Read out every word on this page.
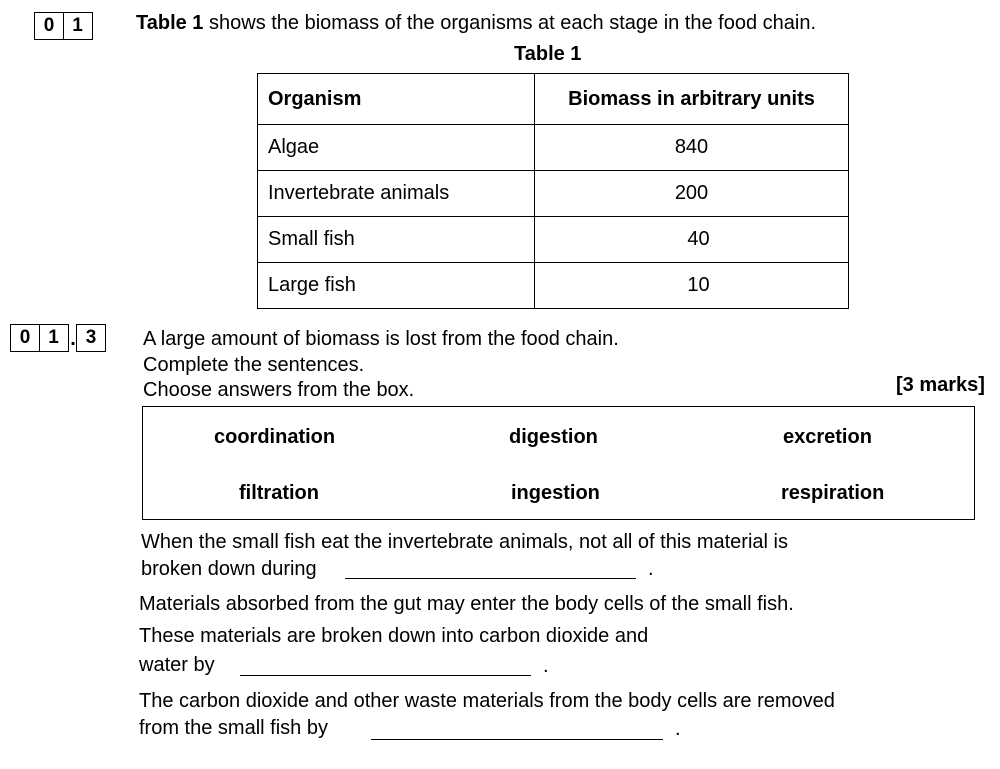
0 1	Table 1 shows the biomass of the organisms at each stage in the food chain.
Table 1
Organism	Biomass in arbitrary units
Algae	840
Invertebrate animals	200
Small fish	40
Large fish	10
0 1 . 3	A large amount of biomass is lost from the food chain.
Complete the sentences.
Choose answers from the box.	[3 marks]
coordination	digestion	excretion
filtration	ingestion	respiration
When the small fish eat the invertebrate animals, not all of this material is
broken down during	.
Materials absorbed from the gut may enter the body cells of the small fish.
These materials are broken down into carbon dioxide and
water by	.
The carbon dioxide and other waste materials from the body cells are removed
from the small fish by	.
